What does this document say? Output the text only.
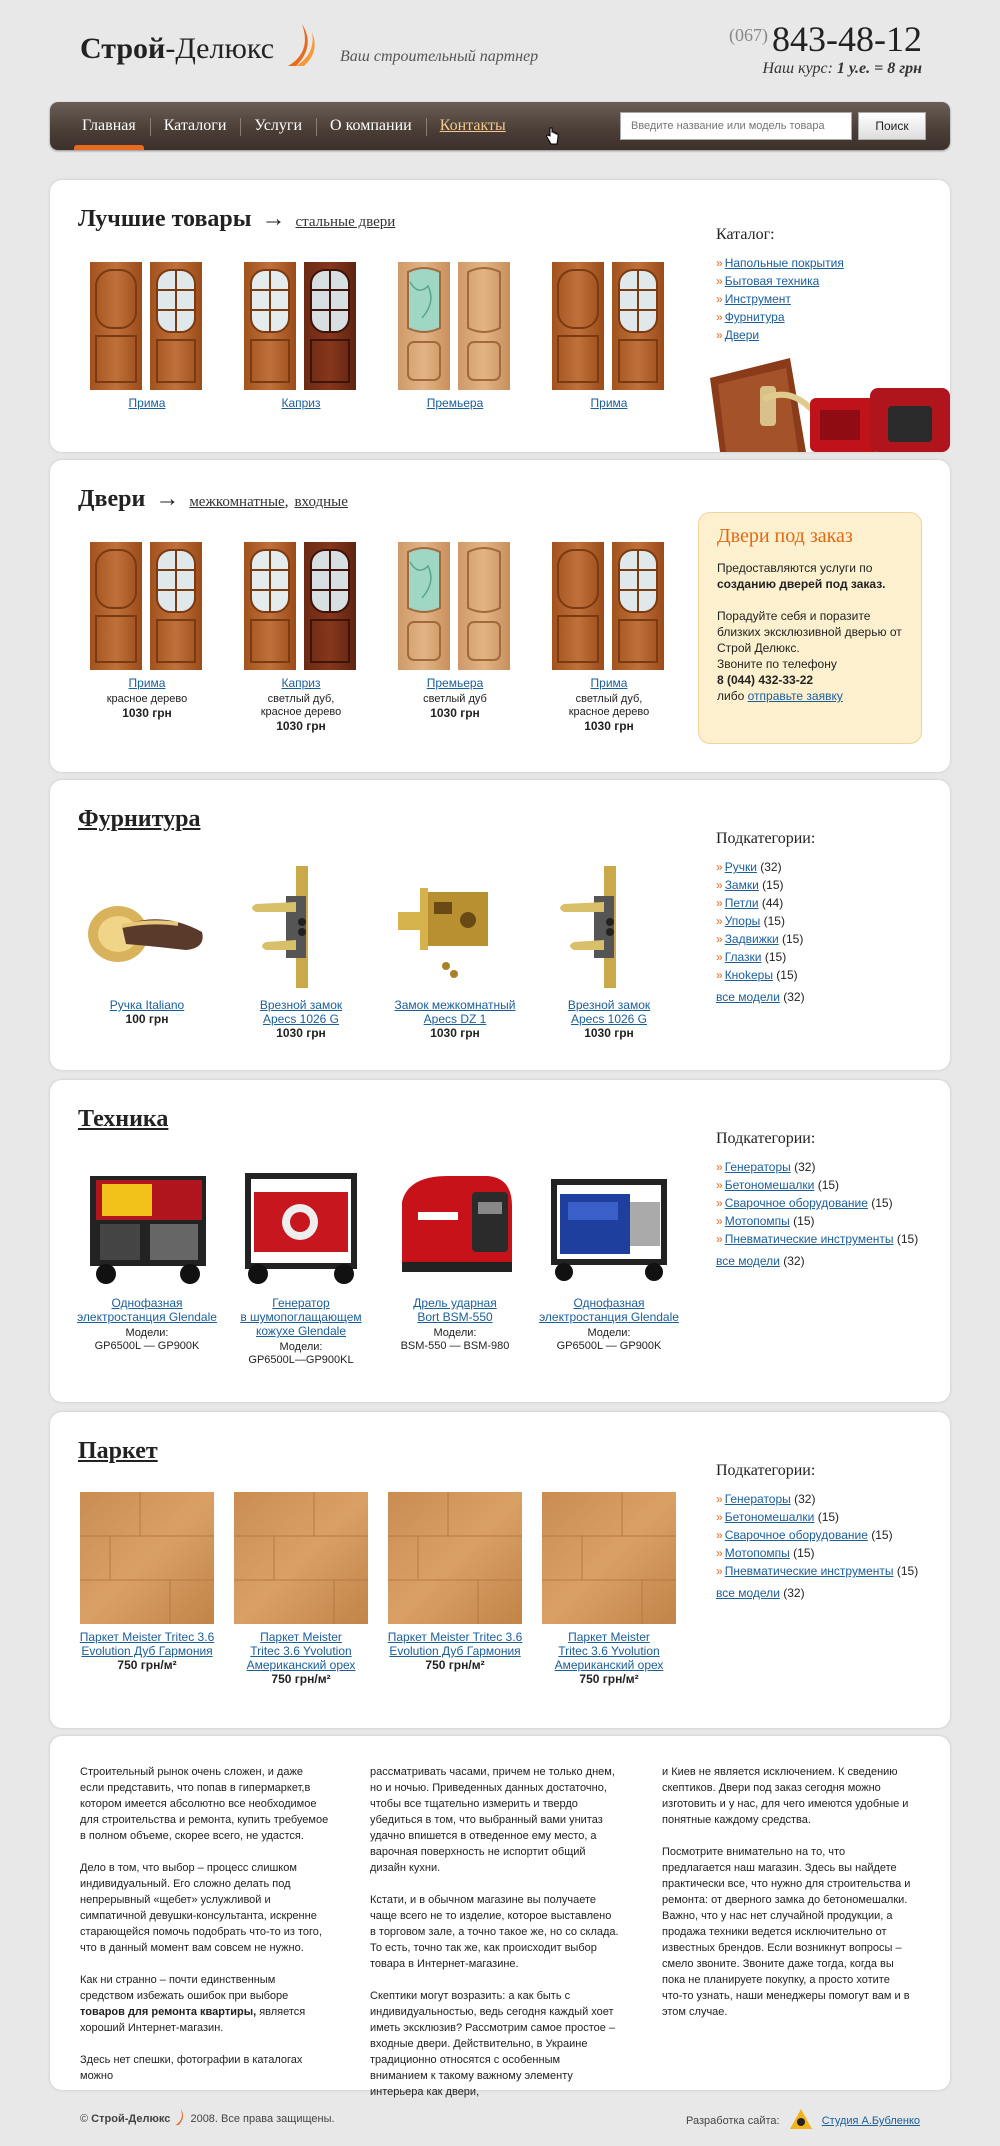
Строй-Делюкс	Ваш строительный партнер
$^{(067)}$ 843-48-12
Наш курс: 1 у.е. = 8 грн
Главная	Каталоги	Услуги	О компании	Контакты
Введите название или модель товара	Поиск
Лучшие товары → стальные двери
Прима	Каприз	Премьера	Прима
Каталог:
» Напольные покрытия
» Бытовая техника
» Инструмент
» Фурнитура
» Двери
Двери → межкомнатные, входные
Прима
красное дерево
1030 грн
Каприз
светлый дуб,
красное дерево
1030 грн
Премьера
светлый дуб
1030 грн
Прима
светлый дуб,
красное дерево
1030 грн
Двери под заказ

Предоставляются услуги по созданию дверей под заказ.

Порадуйте себя и поразите близких эксклюзивной дверью от Строй Делюкс.

Звоните по телефону

8 (044) 432-33-22

либо отправьте заявку

Фурнитура
Ручка Italiano
100 грн
Врезной замок
Apecs 1026 G
1030 грн
Замок межкомнатный
Apecs DZ 1
1030 грн
Врезной замок
Apecs 1026 G
1030 грн
Подкатегории:
» Ручки (32)
» Замки (15)
» Петли (44)
» Упоры (15)
» Задвижки (15)
» Глазки (15)
» Кноkеры (15)
все модели (32)
Техника
Однофазная
электростанция Glendale
Модели:
GP6500L — GP900K
Генератор
в шумопоглащающем
кожухе Glendale
Модели:
GP6500L—GP900KL
Дрель ударная
Bort BSM-550
Модели:
BSM-550 — BSM-980
Однофазная
электростанция Glendale
Модели:
GP6500L — GP900K
Подкатегории:
» Генераторы (32)
» Бетономешалки (15)
» Сварочное оборудование (15)
» Мотопомпы (15)
» Пневматические инструменты (15)
все модели (32)
Паркет
Паркет Meister Tritec 3.6
Evolution Дуб Гармония
750 грн/м²
Паркет Meister
Tritec 3.6 Yvolution
Американский орех
750 грн/м²
Паркет Meister Tritec 3.6
Evolution Дуб Гармония
750 грн/м²
Паркет Meister
Tritec 3.6 Yvolution
Американский орех
750 грн/м²
Подкатегории:
» Генераторы (32)
» Бетономешалки (15)
» Сварочное оборудование (15)
» Мотопомпы (15)
» Пневматические инструменты (15)
все модели (32)

Строительный рынок очень сложен, и даже если представить, что попав в гипермаркет,в котором имеется абсолютно все необходимое для строительства и ремонта, купить требуемое в полном объеме, скорее всего, не удастся.

Дело в том, что выбор – процесс слишком индивидуальный. Его сложно делать под непрерывный «щебет» услужливой и симпатичной девушки-консультанта, искренне старающейся помочь подобрать что-то из того, что в данный момент вам совсем не нужно.

Как ни странно – почти единственным средством избежать ошибок при выборе товаров для ремонта квартиры, является хороший Интернет-магазин.

Здесь нет спешки, фотографии в каталогах можно

рассматривать часами, причем не только днем, но и ночью. Приведенных данных достаточно, чтобы все тщательно измерить и твердо убедиться в том, что выбранный вами унитаз удачно впишется в отведенное ему место, а варочная поверхность не испортит общий дизайн кухни.

Кстати, и в обычном магазине вы получаете чаще всего не то изделие, которое выставлено в торговом зале, а точно такое же, но со склада. То есть, точно так же, как происходит выбор товара в Интернет-магазине.

Скептики могут возразить: а как быть с индивидуальностью, ведь сегодня каждый хоет иметь эксклюзив? Рассмотрим самое простое – входные двери. Действительно, в Украине традиционно относятся с особенным вниманием к такому важному элементу интерьера как двери,

и Киев не является исключением. К сведению скептиков. Двери под заказ сегодня можно изготовить и у нас, для чего имеются удобные и понятные каждому средства.

Посмотрите внимательно на то, что предлагается наш магазин. Здесь вы найдете практически все, что нужно для строительства и ремонта: от дверного замка до бетономешалки. Важно, что у нас нет случайной продукции, а продажа техники ведется исключительно от известных брендов. Если возникнут вопросы – смело звоните. Звоните даже тогда, когда вы пока не планируете покупку, а просто хотите что-то узнать, наши менеджеры помогут вам и в этом случае.

© Строй-Делюкс 2008. Все права защищены.	Разработка сайта:	Студия А.Бубленко
